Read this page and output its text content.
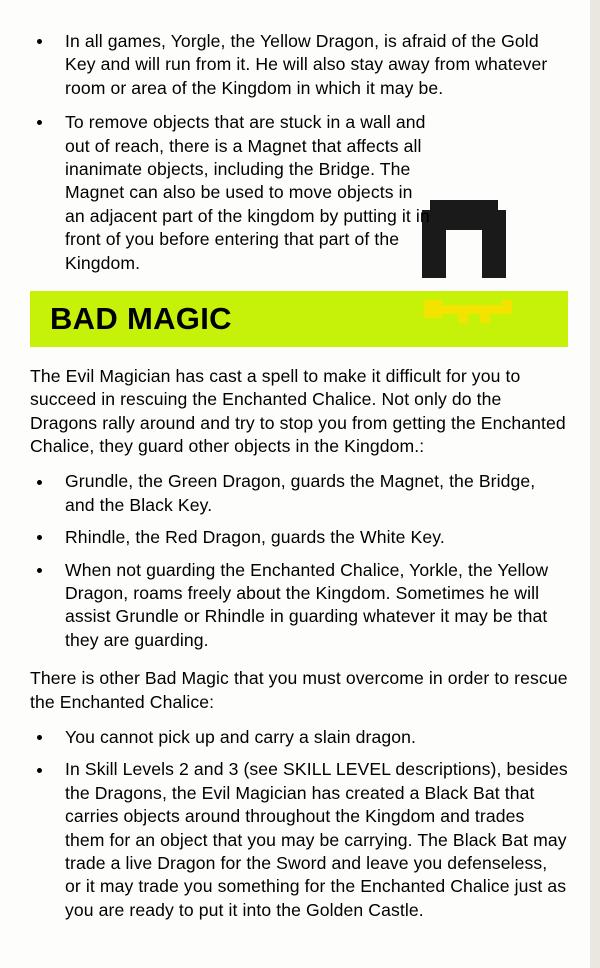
In all games, Yorgle, the Yellow Dragon, is afraid of the Gold Key and will run from it. He will also stay away from whatever room or area of the Kingdom in which it may be.
To remove objects that are stuck in a wall and out of reach, there is a Magnet that affects all inanimate objects, including the Bridge. The Magnet can also be used to move objects in an adjacent part of the kingdom by putting it in front of you before entering that part of the Kingdom.
BAD MAGIC

The Evil Magician has cast a spell to make it difficult for you to succeed in rescuing the Enchanted Chalice. Not only do the Dragons rally around and try to stop you from getting the Enchanted Chalice, they guard other objects in the Kingdom.:

Grundle, the Green Dragon, guards the Magnet, the Bridge, and the Black Key.
Rhindle, the Red Dragon, guards the White Key.
When not guarding the Enchanted Chalice, Yorkle, the Yellow Dragon, roams freely about the Kingdom. Sometimes he will assist Grundle or Rhindle in guarding whatever it may be that they are guarding.

There is other Bad Magic that you must overcome in order to rescue the Enchanted Chalice:

You cannot pick up and carry a slain dragon.
In Skill Levels 2 and 3 (see SKILL LEVEL descriptions), besides the Dragons, the Evil Magician has created a Black Bat that carries objects around throughout the Kingdom and trades them for an object that you may be carrying. The Black Bat may trade a live Dragon for the Sword and leave you defenseless, or it may trade you something for the Enchanted Chalice just as you are ready to put it into the Golden Castle.
